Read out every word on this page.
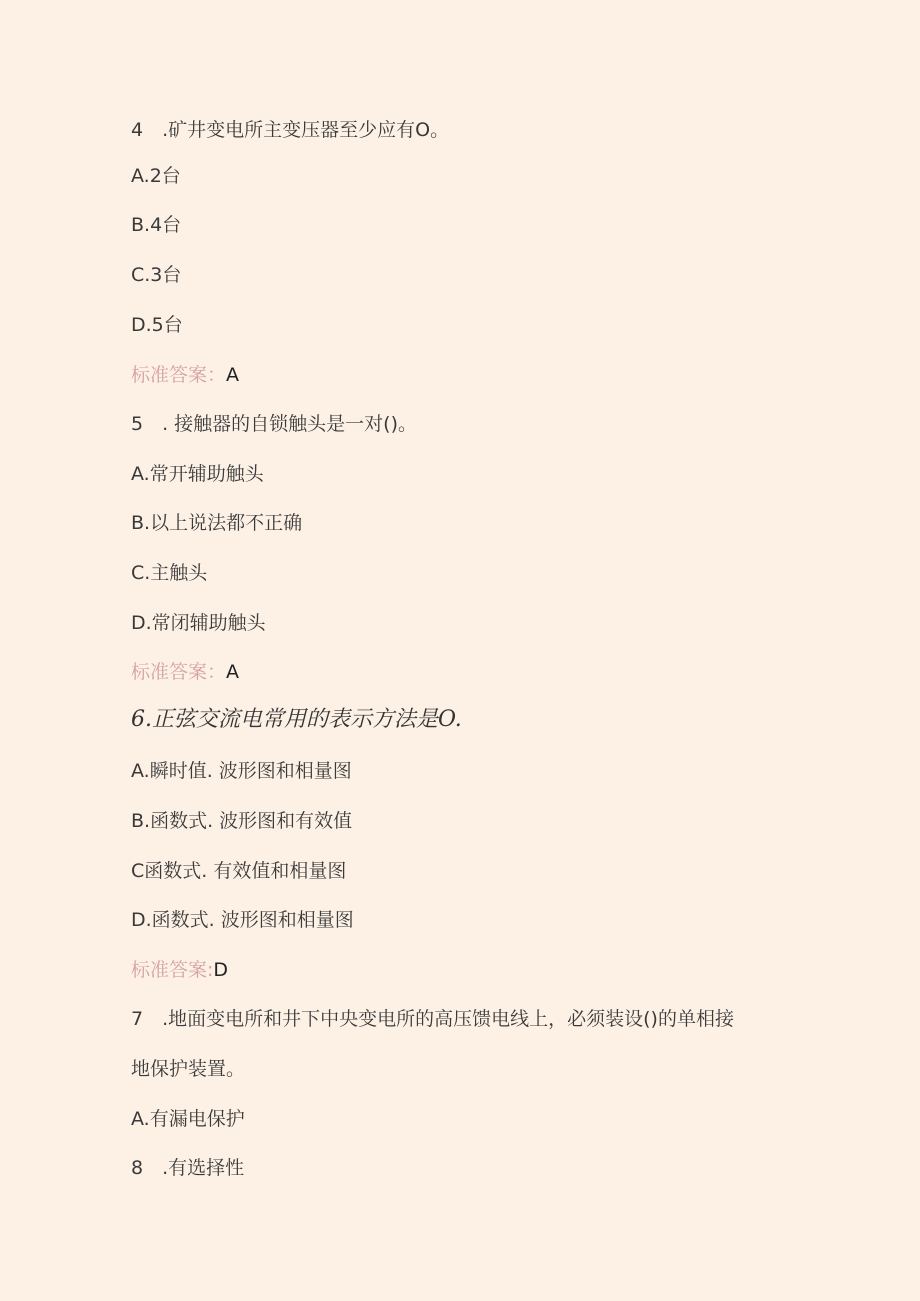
4　.矿井变电所主变压器至少应有O。
A.2台
B.4台
C.3台
D.5台
标准答案：A
5　. 接触器的自锁触头是一对()。
A.常开辅助触头
B.以上说法都不正确
C.主触头
D.常闭辅助触头
标准答案：A
6.正弦交流电常用的表示方法是O.
A.瞬时值. 波形图和相量图
B.函数式. 波形图和有效值
C函数式. 有效值和相量图
D.函数式. 波形图和相量图
标准答案:D
7　.地面变电所和井下中央变电所的高压馈电线上，必须装设()的单相接
地保护装置。
A.有漏电保护
8　.有选择性
